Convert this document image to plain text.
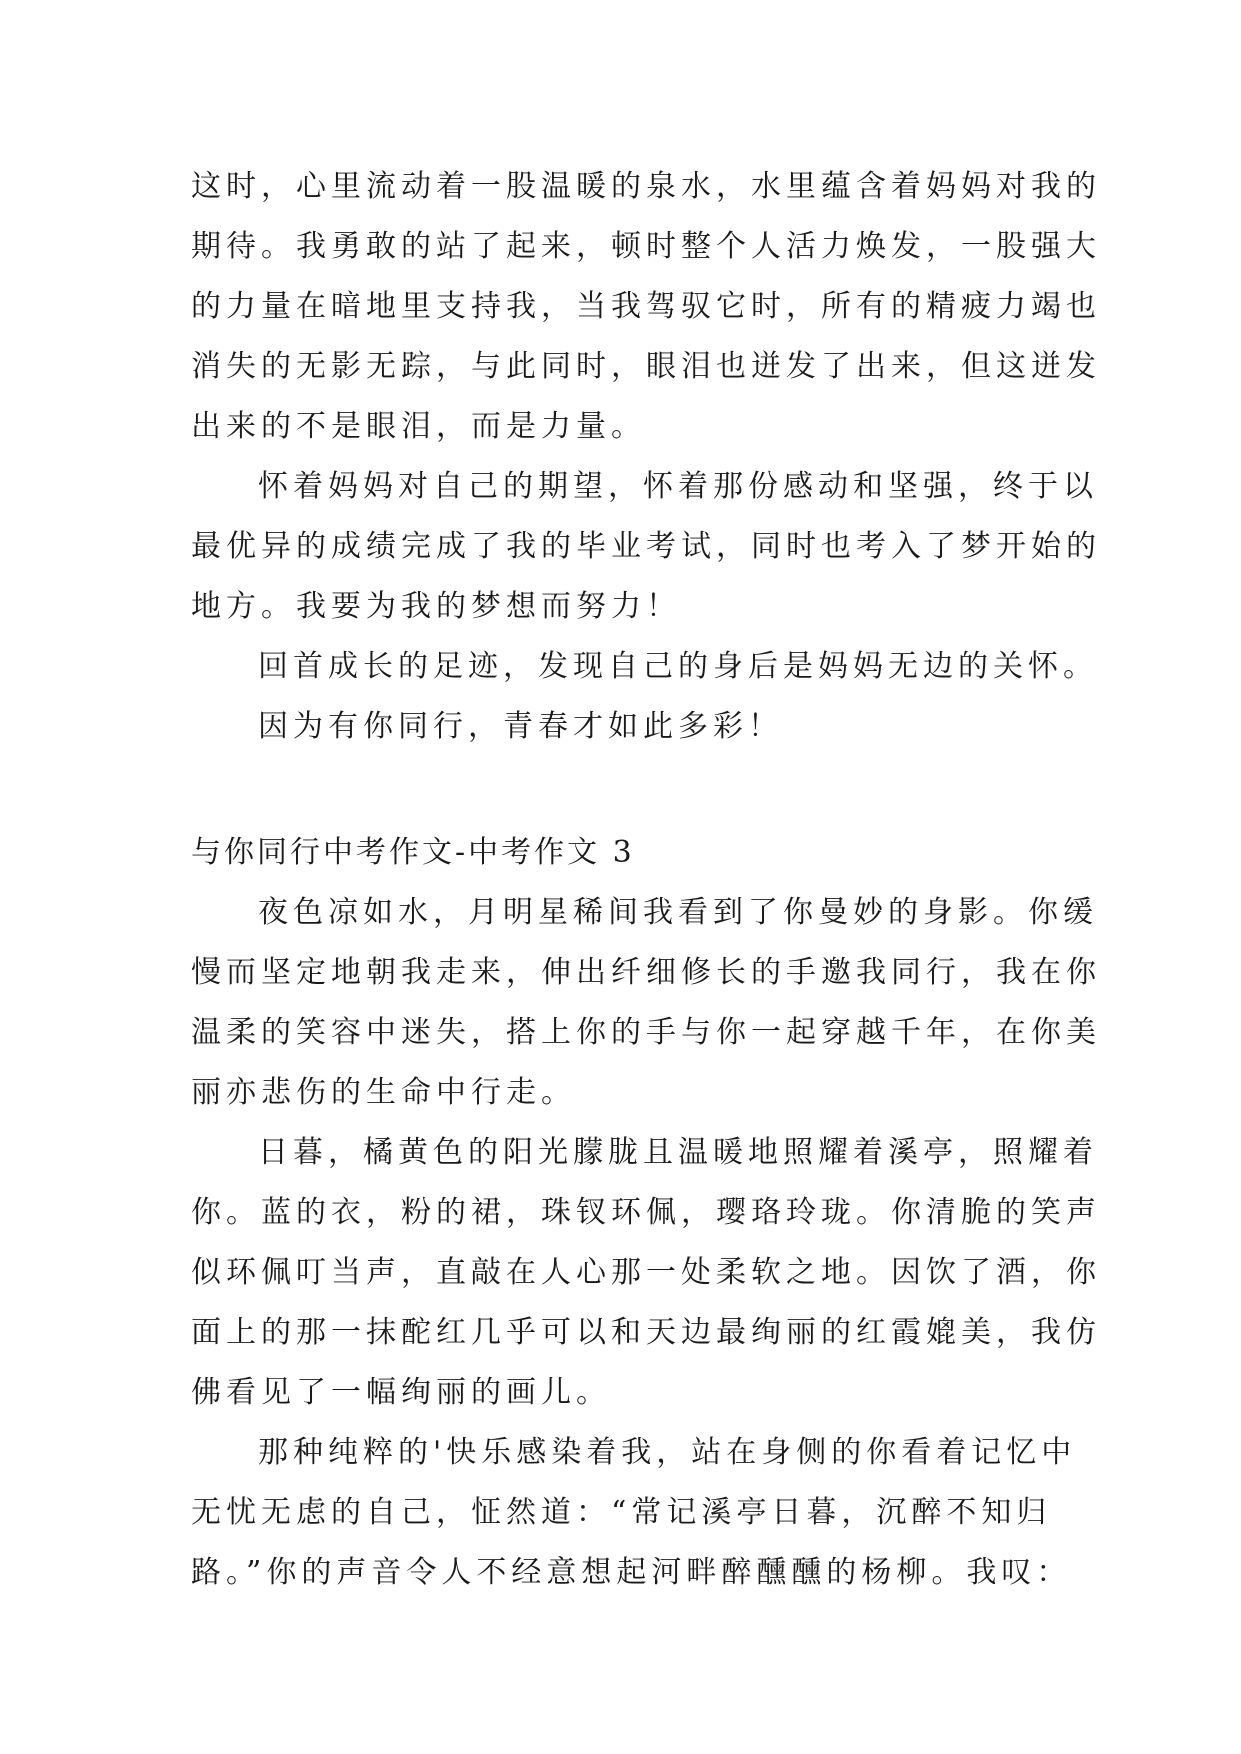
这时，心里流动着一股温暖的泉水，水里蕴含着妈妈对我的
期待。我勇敢的站了起来，顿时整个人活力焕发，一股强大
的力量在暗地里支持我，当我驾驭它时，所有的精疲力竭也
消失的无影无踪，与此同时，眼泪也迸发了出来，但这迸发
出来的不是眼泪，而是力量。
怀着妈妈对自己的期望，怀着那份感动和坚强，终于以
最优异的成绩完成了我的毕业考试，同时也考入了梦开始的
地方。我要为我的梦想而努力！
回首成长的足迹，发现自己的身后是妈妈无边的关怀。
因为有你同行，青春才如此多彩！
与你同行中考作文-中考作文 3
夜色凉如水，月明星稀间我看到了你曼妙的身影。你缓
慢而坚定地朝我走来，伸出纤细修长的手邀我同行，我在你
温柔的笑容中迷失，搭上你的手与你一起穿越千年，在你美
丽亦悲伤的生命中行走。
日暮，橘黄色的阳光朦胧且温暖地照耀着溪亭，照耀着
你。蓝的衣，粉的裙，珠钗环佩，璎珞玲珑。你清脆的笑声
似环佩叮当声，直敲在人心那一处柔软之地。因饮了酒，你
面上的那一抹酡红几乎可以和天边最绚丽的红霞媲美，我仿
佛看见了一幅绚丽的画儿。
那种纯粹的'快乐感染着我，站在身侧的你看着记忆中
无忧无虑的自己，怔然道：“常记溪亭日暮，沉醉不知归
路。”你的声音令人不经意想起河畔醉醺醺的杨柳。我叹：
